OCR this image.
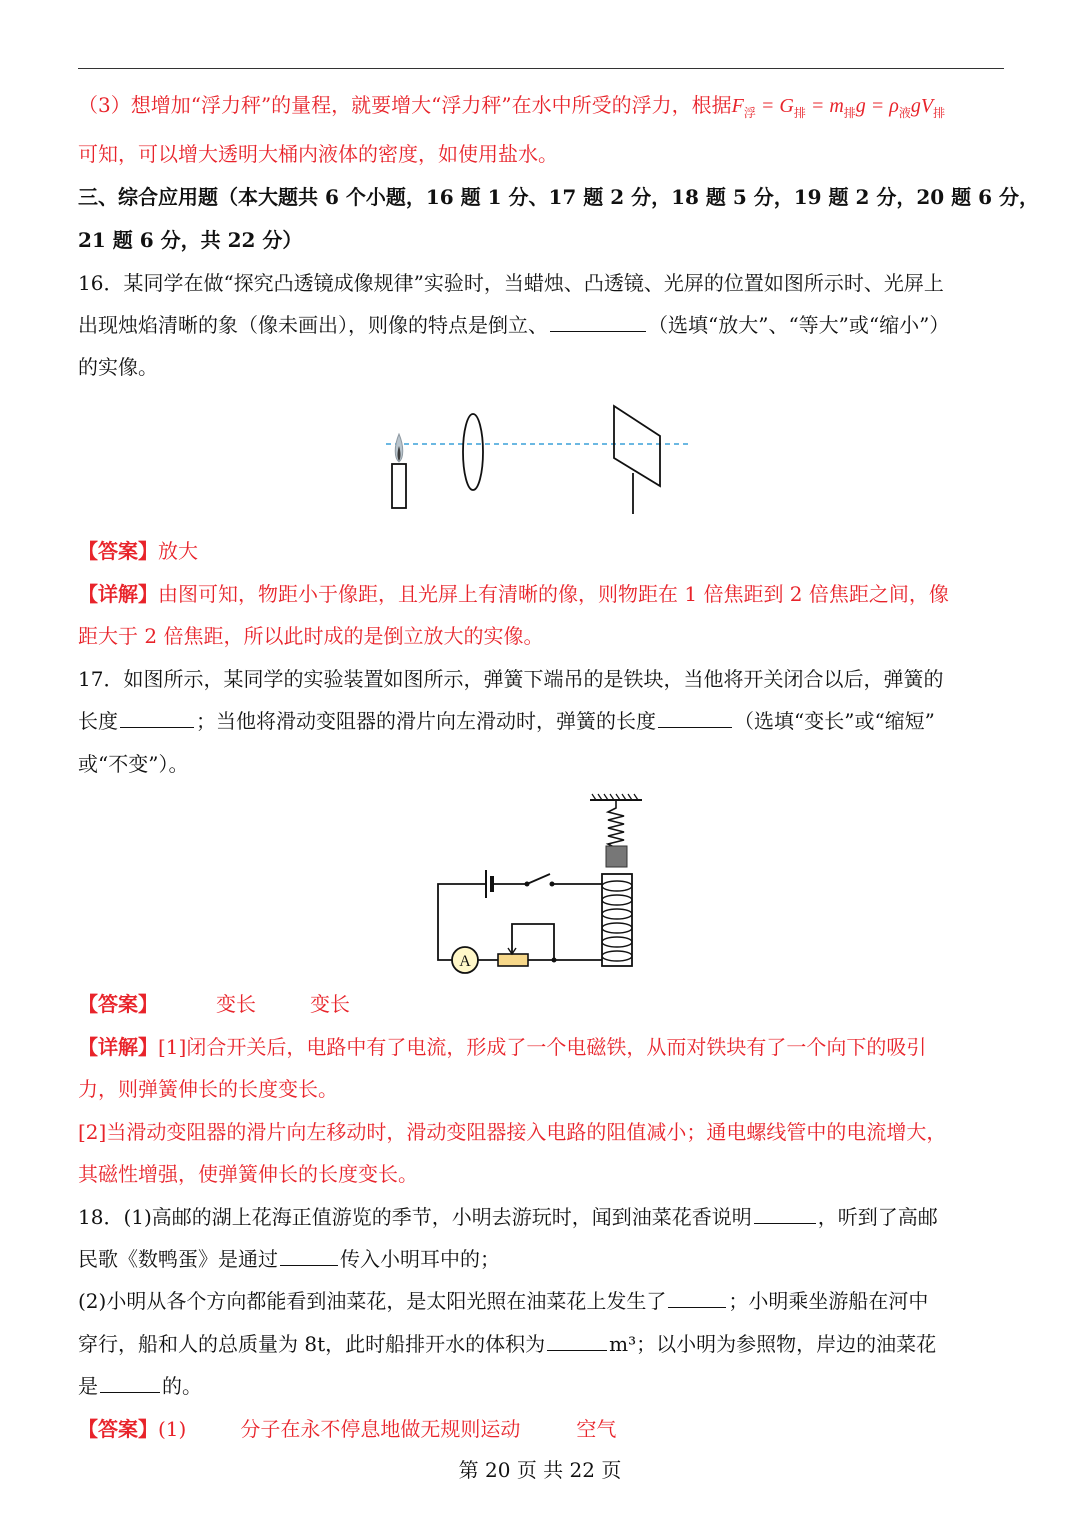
（3）想增加“浮力秤”的量程，就要增大“浮力秤”在水中所受的浮力，根据$F_浮 = G_排 = m_排g = \rho_液gV_排$
可知，可以增大透明大桶内液体的密度，如使用盐水。
三、综合应用题（本大题共 6 个小题，16 题 1 分、17 题 2 分，18 题 5 分，19 题 2 分，20 题 6 分，
21 题 6 分，共 22 分）
16．某同学在做“探究凸透镜成像规律”实验时，当蜡烛、凸透镜、光屏的位置如图所示时、光屏上
出现烛焰清晰的象（像未画出），则像的特点是倒立、	（选填“放大”、“等大”或“缩小”）
的实像。
【答案】放大
【详解】由图可知，物距小于像距，且光屏上有清晰的像，则物距在 1 倍焦距到 2 倍焦距之间，像
距大于 2 倍焦距，所以此时成的是倒立放大的实像。
17．如图所示，某同学的实验装置如图所示，弹簧下端吊的是铁块，当他将开关闭合以后，弹簧的
长度	；当他将滑动变阻器的滑片向左滑动时，弹簧的长度	（选填“变长”或“缩短”
或“不变”）。
A
【答案】	变长	变长
【详解】[1]闭合开关后，电路中有了电流，形成了一个电磁铁，从而对铁块有了一个向下的吸引
力，则弹簧伸长的长度变长。
[2]当滑动变阻器的滑片向左移动时，滑动变阻器接入电路的阻值减小；通电螺线管中的电流增大，
其磁性增强，使弹簧伸长的长度变长。
18．(1)高邮的湖上花海正值游览的季节，小明去游玩时，闻到油菜花香说明	，听到了高邮
民歌《数鸭蛋》是通过	传入小明耳中的；
(2)小明从各个方向都能看到油菜花，是太阳光照在油菜花上发生了	；小明乘坐游船在河中
穿行，船和人的总质量为 8t，此时船排开水的体积为	m³；以小明为参照物，岸边的油菜花
是	的。
【答案】(1)	分子在永不停息地做无规则运动	空气
第 20 页 共 22 页
